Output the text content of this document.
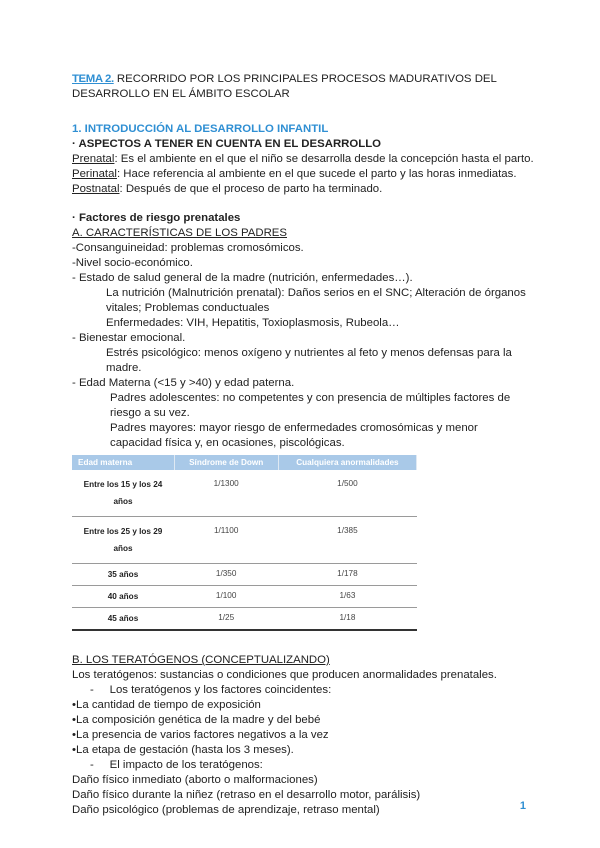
TEMA 2. RECORRIDO POR LOS PRINCIPALES PROCESOS MADURATIVOS DEL
DESARROLLO EN EL ÁMBITO ESCOLAR
1. INTRODUCCIÓN AL DESARROLLO INFANTIL
· ASPECTOS A TENER EN CUENTA EN EL DESARROLLO
Prenatal: Es el ambiente en el que el niño se desarrolla desde la concepción hasta el parto.
Perinatal: Hace referencia al ambiente en el que sucede el parto y las horas inmediatas.
Postnatal: Después de que el proceso de parto ha terminado.
· Factores de riesgo prenatales
A. CARACTERÍSTICAS DE LOS PADRES
-Consanguineidad: problemas cromosómicos.
-Nivel socio-económico.
- Estado de salud general de la madre (nutrición, enfermedades…).
La nutrición (Malnutrición prenatal): Daños serios en el SNC; Alteración de órganos vitales; Problemas conductuales
Enfermedades: VIH, Hepatitis, Toxioplasmosis, Rubeola…
- Bienestar emocional.
Estrés psicológico: menos oxígeno y nutrientes al feto y menos defensas para la madre.
- Edad Materna (<15 y >40) y edad paterna.
Padres adolescentes: no competentes y con presencia de múltiples factores de riesgo a su vez.
Padres mayores: mayor riesgo de enfermedades cromosómicas y menor capacidad física y, en ocasiones, piscológicas.
Edad materna	Síndrome de Down	Cualquiera anormalidades
Entre los 15 y los 24 años	1/1300	1/500
Entre los 25 y los 29 años	1/1100	1/385
35 años	1/350	1/178
40 años	1/100	1/63
45 años	1/25	1/18
B. LOS TERATÓGENOS (CONCEPTUALIZANDO)
Los teratógenos: sustancias o condiciones que producen anormalidades prenatales.
-     Los teratógenos y los factores coincidentes:
•La cantidad de tiempo de exposición
•La composición genética de la madre y del bebé
•La presencia de varios factores negativos a la vez
•La etapa de gestación (hasta los 3 meses).
-     El impacto de los teratógenos:
Daño físico inmediato (aborto o malformaciones)
Daño físico durante la niñez (retraso en el desarrollo motor, parálisis)
Daño psicológico (problemas de aprendizaje, retraso mental)	1
